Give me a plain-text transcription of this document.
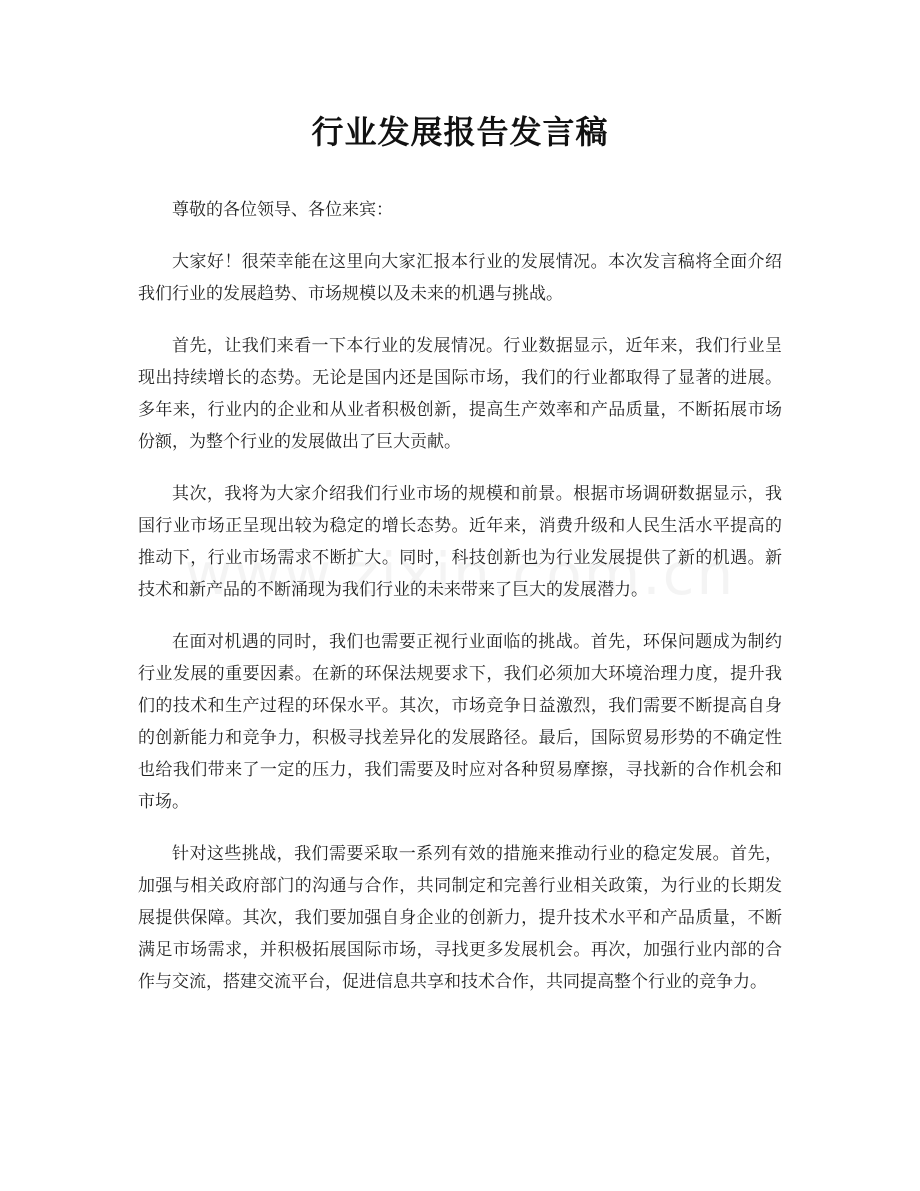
行业发展报告发言稿

尊敬的各位领导、各位来宾：

大家好！很荣幸能在这里向大家汇报本行业的发展情况。本次发言稿将全面介绍我们行业的发展趋势、市场规模以及未来的机遇与挑战。

首先，让我们来看一下本行业的发展情况。行业数据显示，近年来，我们行业呈现出持续增长的态势。无论是国内还是国际市场，我们的行业都取得了显著的进展。多年来，行业内的企业和从业者积极创新，提高生产效率和产品质量，不断拓展市场份额，为整个行业的发展做出了巨大贡献。

其次，我将为大家介绍我们行业市场的规模和前景。根据市场调研数据显示，我国行业市场正呈现出较为稳定的增长态势。近年来，消费升级和人民生活水平提高的推动下，行业市场需求不断扩大。同时，科技创新也为行业发展提供了新的机遇。新技术和新产品的不断涌现为我们行业的未来带来了巨大的发展潜力。

在面对机遇的同时，我们也需要正视行业面临的挑战。首先，环保问题成为制约行业发展的重要因素。在新的环保法规要求下，我们必须加大环境治理力度，提升我们的技术和生产过程的环保水平。其次，市场竞争日益激烈，我们需要不断提高自身的创新能力和竞争力，积极寻找差异化的发展路径。最后，国际贸易形势的不确定性也给我们带来了一定的压力，我们需要及时应对各种贸易摩擦，寻找新的合作机会和市场。

针对这些挑战，我们需要采取一系列有效的措施来推动行业的稳定发展。首先，加强与相关政府部门的沟通与合作，共同制定和完善行业相关政策，为行业的长期发展提供保障。其次，我们要加强自身企业的创新力，提升技术水平和产品质量，不断满足市场需求，并积极拓展国际市场，寻找更多发展机会。再次，加强行业内部的合作与交流，搭建交流平台，促进信息共享和技术合作，共同提高整个行业的竞争力。
